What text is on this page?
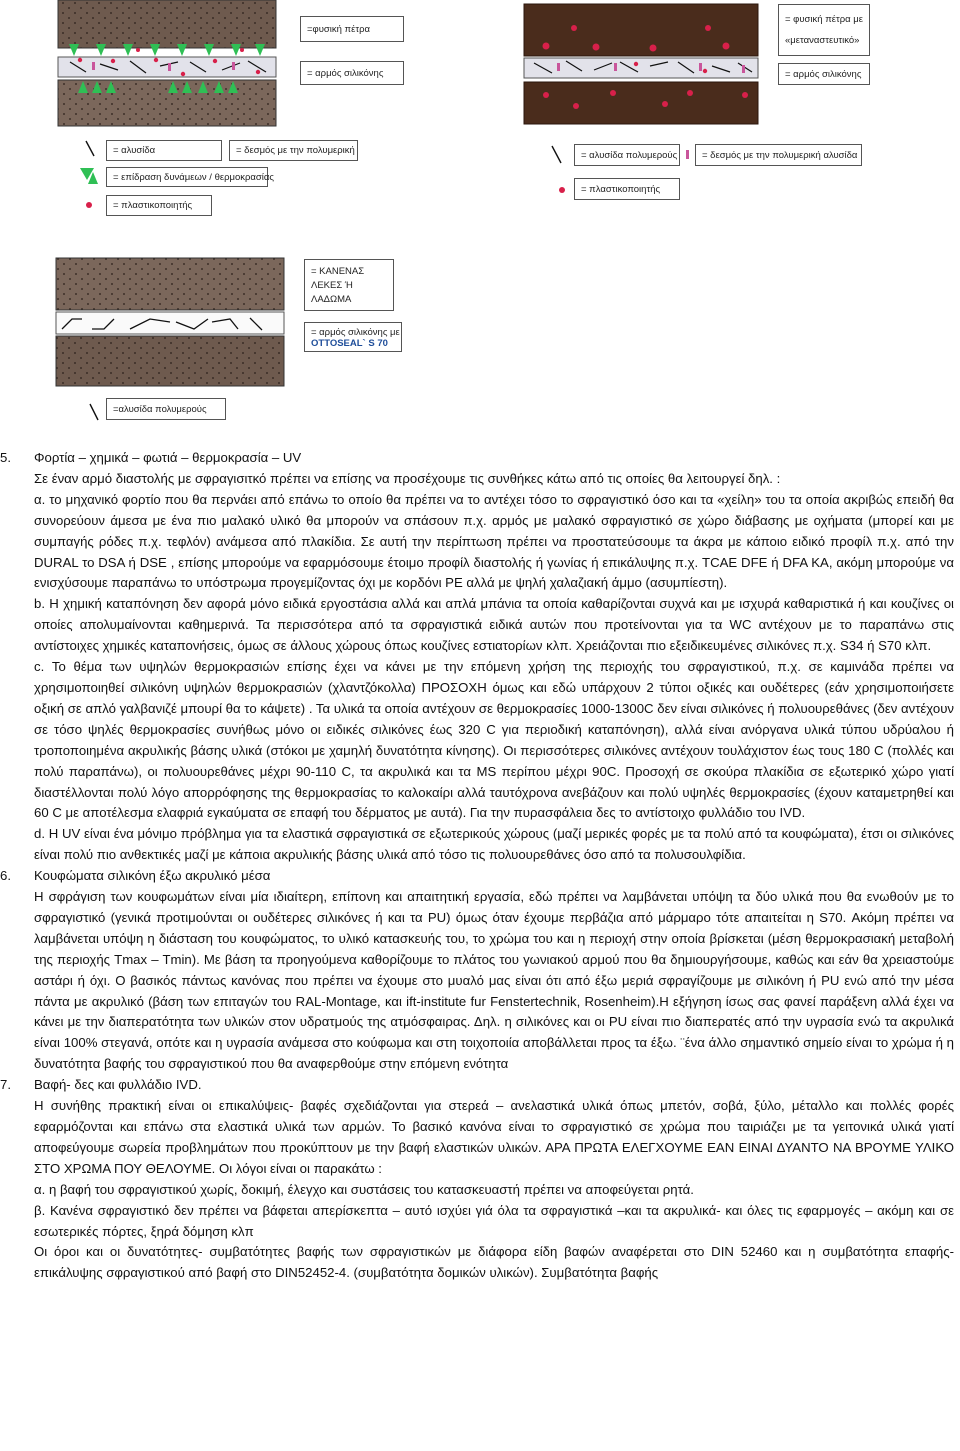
=φυσική πέτρα
= αρμός σιλικόνης
= φυσική πέτρα με
«μεταναστευτικό»
= αρμός σιλικόνης
= αλυσίδα	= δεσμός με την πολυμερική
= επίδραση δυνάμεων / θερμοκρασίας
= πλαστικοποιητής
= αλυσίδα πολυμερούς	= δεσμός με την πολυμερική αλυσίδα
= πλαστικοποιητής
= ΚΑΝΕΝΑΣ
ΛΕΚΕΣ Ή
ΛΑΔΩΜΑ
= αρμός σιλικόνης με
OTTOSEAL` S 70
=αλυσίδα πολυμερούς

5. Φορτία – χημικά – φωτιά – θερμοκρασία – UV

Σε έναν αρμό διαστολής με σφραγισιτκό πρέπει να επίσης να προσέχουμε τις συνθήκες κάτω από τις οποίες θα λειτουργεί δηλ. :

α. το μηχανικό φορτίο που θα περνάει από επάνω το οποίο θα πρέπει να το αντέχει τόσο το σφραγιστικό όσο και τα «χείλη» του τα οποία ακριβώς επειδή θα συνορεύουν άμεσα με ένα πιο μαλακό υλικό θα μπορούν να σπάσουν π.χ. αρμός με μαλακό σφραγιστικό σε χώρο διάβασης με οχήματα (μπορεί και με συμπαγής ρόδες π.χ. τεφλόν) ανάμεσα από πλακίδια. Σε αυτή την περίπτωση πρέπει να προστατεύσουμε τα άκρα με κάποιο ειδικό προφίλ π.χ. από την DURAL το DSA ή DSE , επίσης μπορούμε να εφαρμόσουμε έτοιμο προφίλ διαστολής ή γωνίας ή επικάλυψης π.χ. TCAE DFE ή DFA KA, ακόμη μπορούμε να ενισχύσουμε παραπάνω το υπόστρωμα προγεμίζοντας όχι με κορδόνι PE αλλά με ψηλή χαλαζιακή άμμο (ασυμπίεστη).

b. Η χημική καταπόνηση δεν αφορά μόνο ειδικά εργοστάσια αλλά και απλά μπάνια τα οποία καθαρίζονται συχνά και με ισχυρά καθαριστικά ή και κουζίνες οι οποίες απολυμαίνονται καθημερινά. Τα περισσότερα από τα σφραγιστικά ειδικά αυτών που προτείνονται για τα WC αντέχουν με το παραπάνω στις αντίστοιχες χημικές καταπονήσεις, όμως σε άλλους χώρους όπως κουζίνες εστιατορίων κλπ. Χρειάζονται πιο εξειδικευμένες σιλικόνες π.χ. S34 ή S70 κλπ.

c. Το θέμα των υψηλών θερμοκρασιών επίσης έχει να κάνει με την επόμενη χρήση της περιοχής του σφραγιστικού, π.χ. σε καμινάδα πρέπει να χρησιμοποιηθεί σιλικόνη υψηλών θερμοκρασιών (χλαντζόκολλα) ΠΡΟΣΟΧΗ όμως και εδώ υπάρχουν 2 τύποι οξικές και ουδέτερες (εάν χρησιμοποιήσετε οξική σε απλό γαλβανιζέ μπουρί θα το κάψετε) . Τα υλικά τα οποία αντέχουν σε θερμοκρασίες 1000-1300C δεν είναι σιλικόνες ή πολυουρεθάνες (δεν αντέχουν σε τόσο ψηλές θερμοκρασίες συνήθως μόνο οι ειδικές σιλικόνες έως 320 C για περιοδική καταπόνηση), αλλά είναι ανόργανα υλικά τύπου υδρύαλου ή τροποποιημένα ακρυλικής βάσης υλικά (στόκοι με χαμηλή δυνατότητα κίνησης). Οι περισσότερες σιλικόνες αντέχουν τουλάχιστον έως τους 180 C (πολλές και πολύ παραπάνω), οι πολυουρεθάνες μέχρι 90-110 C, τα ακρυλικά και τα MS περίπου μέχρι 90C. Προσοχή σε σκούρα πλακίδια σε εξωτερικό χώρο γιατί διαστέλλονται πολύ λόγο απορρόφησης της θερμοκρασίας το καλοκαίρι αλλά ταυτόχρονα ανεβάζουν και πολύ υψηλές θερμοκρασίες (έχουν καταμετρηθεί και 60 C με αποτέλεσμα ελαφριά εγκαύματα σε επαφή του δέρματος με αυτά). Για την πυρασφάλεια δες το αντίστοιχο φυλλάδιο του IVD.

d. Η UV είναι ένα μόνιμο πρόβλημα για τα ελαστικά σφραγιστικά σε εξωτερικούς χώρους (μαζί μερικές φορές με τα πολύ από τα κουφώματα), έτσι οι σιλικόνες είναι πολύ πιο ανθεκτικές μαζί με κάποια ακρυλικής βάσης υλικά από τόσο τις πολυουρεθάνες όσο από τα πολυσουλφίδια.

6. Κουφώματα σιλικόνη έξω ακρυλικό μέσα

Η σφράγιση των κουφωμάτων είναι μία ιδιαίτερη, επίπονη και απαιτητική εργασία, εδώ πρέπει να λαμβάνεται υπόψη τα δύο υλικά που θα ενωθούν με το σφραγιστικό (γενικά προτιμούνται οι ουδέτερες σιλικόνες ή και τα PU) όμως όταν έχουμε περβάζια από μάρμαρο τότε απαιτείται η S70. Ακόμη πρέπει να λαμβάνεται υπόψη η διάσταση του κουφώματος, το υλικό κατασκευής του, το χρώμα του και η περιοχή στην οποία βρίσκεται (μέση θερμοκρασιακή μεταβολή της περιοχής Tmax – Tmin). Με βάση τα προηγούμενα καθορίζουμε το πλάτος του γωνιακού αρμού που θα δημιουργήσουμε, καθώς και εάν θα χρειαστούμε αστάρι ή όχι. Ο βασικός πάντως κανόνας που πρέπει να έχουμε στο μυαλό μας είναι ότι από έξω μεριά σφραγίζουμε με σιλικόνη ή PU ενώ από την μέσα πάντα με ακρυλικό (βάση των επιταγών του RAL-Montage, και ift-institute fur Fenstertechnik, Rosenheim).Η εξήγηση ίσως σας φανεί παράξενη αλλά έχει να κάνει με την διαπερατότητα των υλικών στον υδρατμούς της ατμόσφαιρας. Δηλ. η σιλικόνες και οι PU είναι πιο διαπερατές από την υγρασία ενώ τα ακρυλικά είναι 100% στεγανά, οπότε και η υγρασία ανάμεσα στο κούφωμα και στη τοιχοποιία αποβάλλεται προς τα έξω. ¨ένα άλλο σημαντικό σημείο είναι το χρώμα ή η δυνατότητα βαφής του σφραγιστικού που θα αναφερθούμε στην επόμενη ενότητα

7. Βαφή- δες και φυλλάδιο IVD.

Η συνήθης πρακτική είναι οι επικαλύψεις- βαφές σχεδιάζονται για στερεά – ανελαστικά υλικά όπως μπετόν, σοβά, ξύλο, μέταλλο και πολλές φορές εφαρμόζονται και επάνω στα ελαστικά υλικά των αρμών. Το βασικό κανόνα είναι το σφραγιστικό σε χρώμα που ταιριάζει με τα γειτονικά υλικά γιατί αποφεύγουμε σωρεία προβλημάτων που προκύπτουν με την βαφή ελαστικών υλικών. ΑΡΑ ΠΡΩΤΑ ΕΛΕΓΧΟΥΜΕ ΕΑΝ ΕΙΝΑΙ ΔΥΑΝΤΟ ΝΑ ΒΡΟΥΜΕ ΥΛΙΚΟ ΣΤΟ ΧΡΩΜΑ ΠΟΥ ΘΕΛΟΥΜΕ. Οι λόγοι είναι οι παρακάτω :

α. η βαφή του σφραγιστικού χωρίς, δοκιμή, έλεγχο και συστάσεις του κατασκευαστή πρέπει να αποφεύγεται ρητά.

β. Κανένα σφραγιστικό δεν πρέπει να βάφεται απερίσκεπτα – αυτό ισχύει γιά όλα τα σφραγιστικά –και τα ακρυλικά- και όλες τις εφαρμογές – ακόμη και σε εσωτερικές πόρτες, ξηρά δόμηση κλπ

Οι όροι και οι δυνατότητες- συμβατότητες βαφής των σφραγιστικών με διάφορα είδη βαφών αναφέρεται στο DIN 52460 και η συμβατότητα επαφής- επικάλυψης σφραγιστικού από βαφή στο DIN52452-4. (συμβατότητα δομικών υλικών). Συμβατότητα βαφής
